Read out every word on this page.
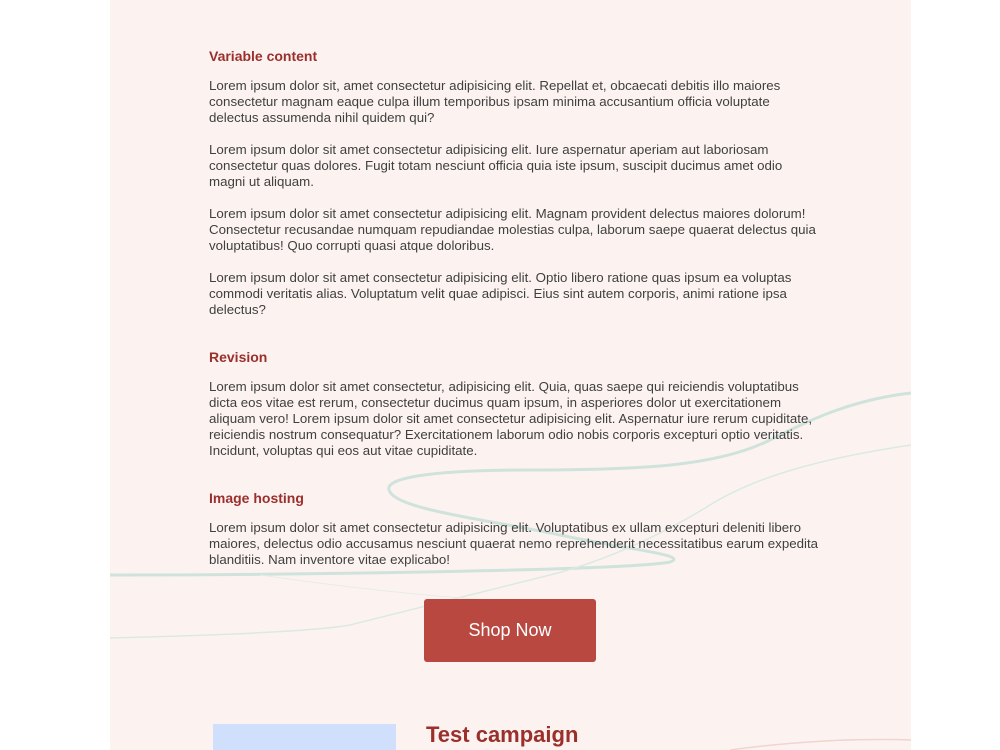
Variable content

Lorem ipsum dolor sit, amet consectetur adipisicing elit. Repellat et, obcaecati debitis illo maiores consectetur magnam eaque culpa illum temporibus ipsam minima accusantium officia voluptate delectus assumenda nihil quidem qui?

Lorem ipsum dolor sit amet consectetur adipisicing elit. Iure aspernatur aperiam aut laboriosam consectetur quas dolores. Fugit totam nesciunt officia quia iste ipsum, suscipit ducimus amet odio magni ut aliquam.

Lorem ipsum dolor sit amet consectetur adipisicing elit. Magnam provident delectus maiores dolorum! Consectetur recusandae numquam repudiandae molestias culpa, laborum saepe quaerat delectus quia voluptatibus! Quo corrupti quasi atque doloribus.

Lorem ipsum dolor sit amet consectetur adipisicing elit. Optio libero ratione quas ipsum ea voluptas commodi veritatis alias. Voluptatum velit quae adipisci. Eius sint autem corporis, animi ratione ipsa delectus?

Revision

Lorem ipsum dolor sit amet consectetur, adipisicing elit. Quia, quas saepe qui reiciendis voluptatibus dicta eos vitae est rerum, consectetur ducimus quam ipsum, in asperiores dolor ut exercitationem aliquam vero! Lorem ipsum dolor sit amet consectetur adipisicing elit. Aspernatur iure rerum cupiditate, reiciendis nostrum consequatur? Exercitationem laborum odio nobis corporis excepturi optio veritatis. Incidunt, voluptas qui eos aut vitae cupiditate.

Image hosting

Lorem ipsum dolor sit amet consectetur adipisicing elit. Voluptatibus ex ullam excepturi deleniti libero maiores, delectus odio accusamus nesciunt quaerat nemo reprehenderit necessitatibus earum expedita blanditiis. Nam inventore vitae explicabo!

Shop Now
Test campaign
